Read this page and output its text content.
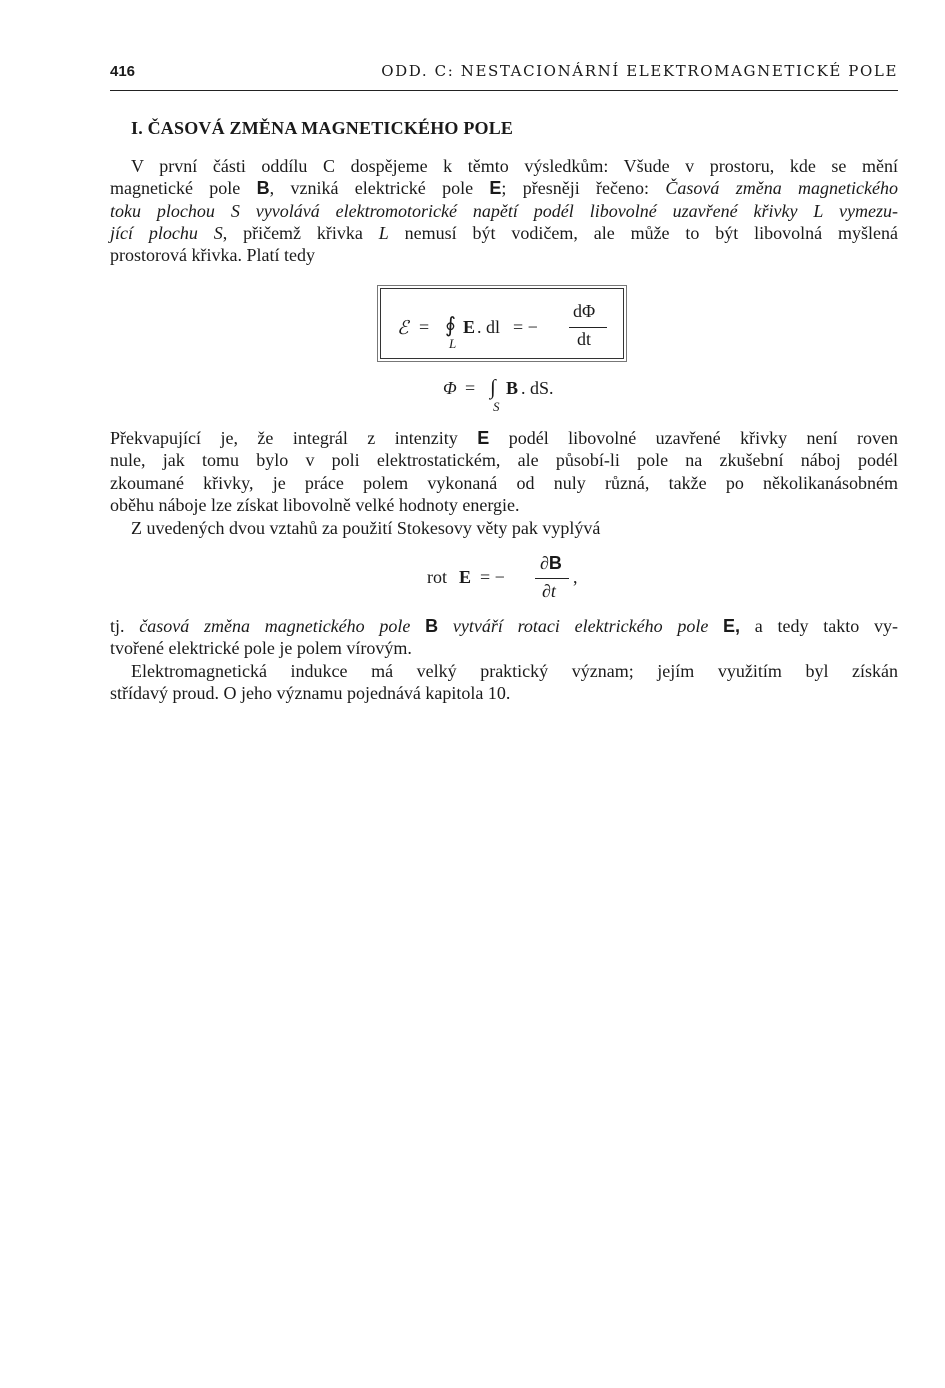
416	ODD. C: NESTACIONÁRNÍ ELEKTROMAGNETICKÉ POLE
I. ČASOVÁ ZMĚNA MAGNETICKÉHO POLE
V první části oddílu C dospějeme k těmto výsledkům: Všude v prostoru, kde se mění
magnetické pole B, vzniká elektrické pole E; přesněji řečeno: Časová změna magnetického
toku plochou S vyvolává elektromotorické napětí podél libovolné uzavřené křivky L vymezu-
jící plochu S, přičemž křivka L nemusí být vodičem, ale může to být libovolná myšlená
prostorová křivka. Platí tedy
ℰ = ∮
L
E . dl = −
dΦ
dt
Φ = ∫
S
B . dS.
Překvapující je, že integrál z intenzity E podél libovolné uzavřené křivky není roven
nule, jak tomu bylo v poli elektrostatickém, ale působí-li pole na zkušební náboj podél
zkoumané křivky, je práce polem vykonaná od nuly různá, takže po několikanásobném
oběhu náboje lze získat libovolně velké hodnoty energie.
Z uvedených dvou vztahů za použití Stokesovy věty pak vyplývá
rot E = −
∂B
∂t
,
tj. časová změna magnetického pole B vytváří rotaci elektrického pole E, a tedy takto vy-
tvořené elektrické pole je polem vírovým.
Elektromagnetická indukce má velký praktický význam; jejím využitím byl získán
střídavý proud. O jeho významu pojednává kapitola 10.
